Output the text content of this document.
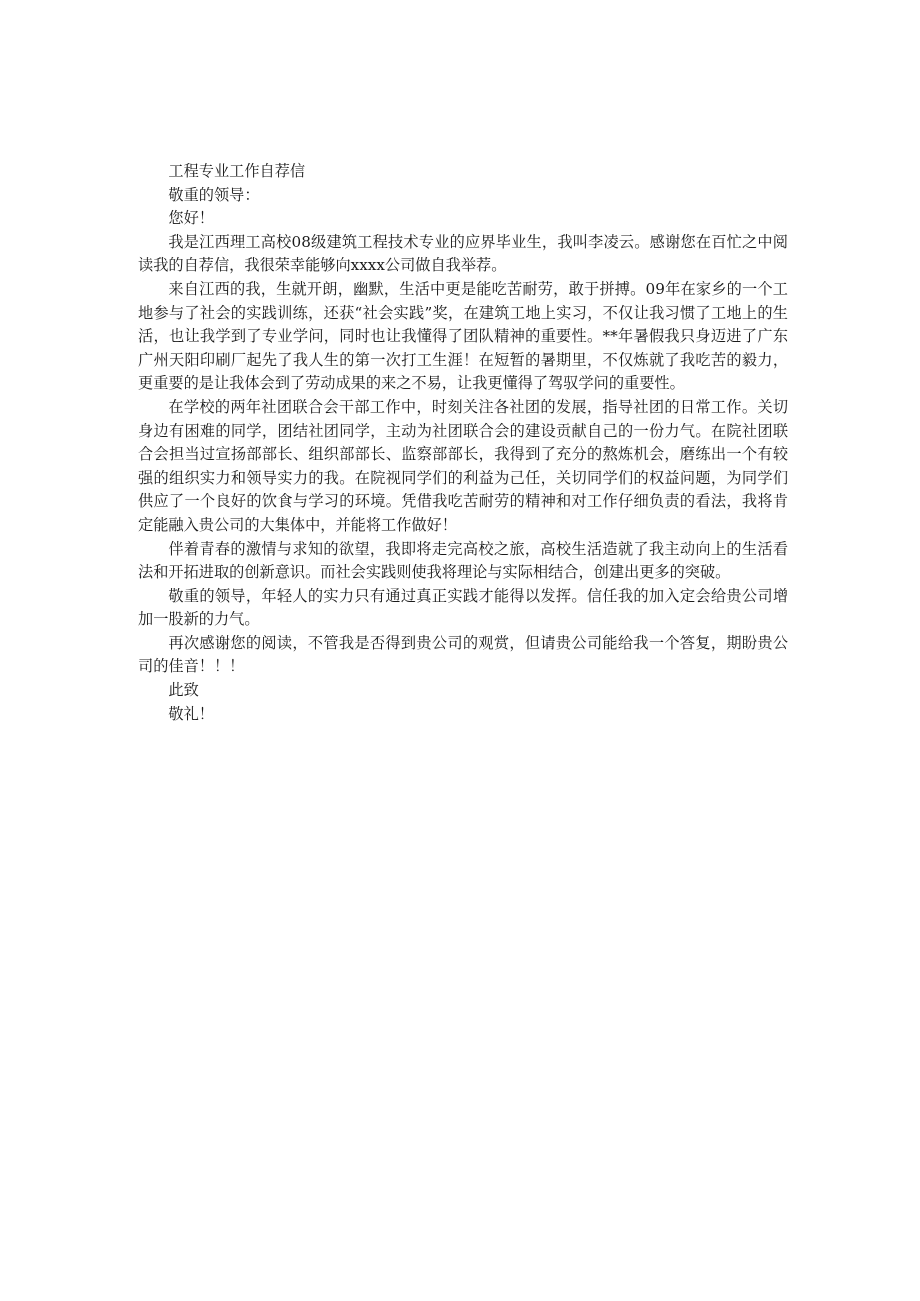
工程专业工作自荐信

敬重的领导：

您好！

我是江西理工高校08级建筑工程技术专业的应界毕业生，我叫李凌云。感谢您在百忙之中阅读我的自荐信，我很荣幸能够向xxxx公司做自我举荐。

来自江西的我，生就开朗，幽默，生活中更是能吃苦耐劳，敢于拼搏。09年在家乡的一个工地参与了社会的实践训练，还获“社会实践”奖，在建筑工地上实习，不仅让我习惯了工地上的生活，也让我学到了专业学问，同时也让我懂得了团队精神的重要性。**年暑假我只身迈进了广东广州天阳印刷厂起先了我人生的第一次打工生涯！在短暂的暑期里，不仅炼就了我吃苦的毅力，更重要的是让我体会到了劳动成果的来之不易，让我更懂得了驾驭学问的重要性。

在学校的两年社团联合会干部工作中，时刻关注各社团的发展，指导社团的日常工作。关切身边有困难的同学，团结社团同学，主动为社团联合会的建设贡献自己的一份力气。在院社团联合会担当过宣扬部部长、组织部部长、监察部部长，我得到了充分的熬炼机会，磨练出一个有较强的组织实力和领导实力的我。在院视同学们的利益为己任，关切同学们的权益问题，为同学们供应了一个良好的饮食与学习的环境。凭借我吃苦耐劳的精神和对工作仔细负责的看法，我将肯定能融入贵公司的大集体中，并能将工作做好！

伴着青春的激情与求知的欲望，我即将走完高校之旅，高校生活造就了我主动向上的生活看法和开拓进取的创新意识。而社会实践则使我将理论与实际相结合，创建出更多的突破。

敬重的领导，年轻人的实力只有通过真正实践才能得以发挥。信任我的加入定会给贵公司增加一股新的力气。

再次感谢您的阅读，不管我是否得到贵公司的观赏，但请贵公司能给我一个答复，期盼贵公司的佳音！！！

此致

敬礼！
